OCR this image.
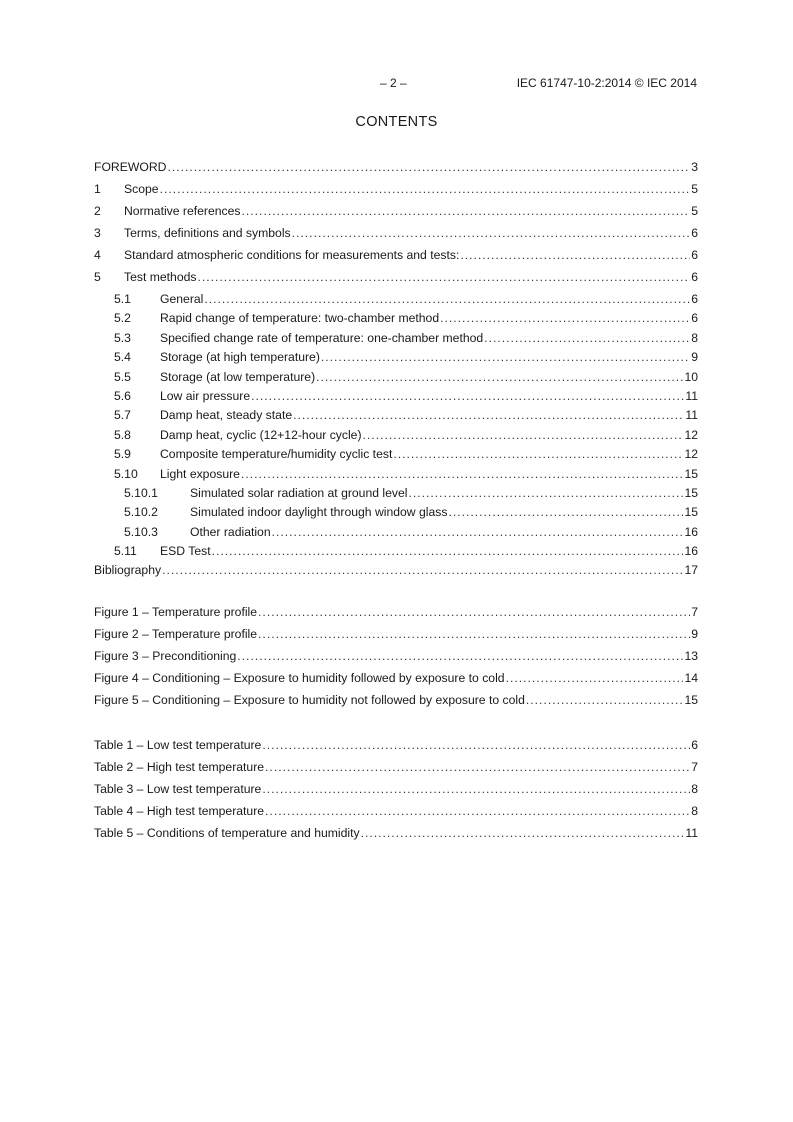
– 2 –	IEC 61747-10-2:2014 © IEC 2014
CONTENTS
FOREWORD .....	3
1	Scope .....	5
2	Normative references .....	5
3	Terms, definitions and symbols .....	6
4	Standard atmospheric conditions for measurements and tests: .....	6
5	Test methods .....	6
5.1	General .....	6
5.2	Rapid change of temperature: two-chamber method .....	6
5.3	Specified change rate of temperature: one-chamber method .....	8
5.4	Storage (at high temperature) .....	9
5.5	Storage (at low temperature) .....	10
5.6	Low air pressure .....	11
5.7	Damp heat, steady state .....	11
5.8	Damp heat, cyclic (12+12-hour cycle) .....	12
5.9	Composite temperature/humidity cyclic test .....	12
5.10	Light exposure .....	15
5.10.1	Simulated solar radiation at ground level .....	15
5.10.2	Simulated indoor daylight through window glass .....	15
5.10.3	Other radiation .....	16
5.11	ESD Test .....	16
Bibliography .....	17
Figure 1 – Temperature profile .....	7
Figure 2 – Temperature profile .....	9
Figure 3 – Preconditioning .....	13
Figure 4 – Conditioning – Exposure to humidity followed by exposure to cold .....	14
Figure 5 – Conditioning – Exposure to humidity not followed by exposure to cold .....	15
Table 1 – Low test temperature .....	6
Table 2 – High test temperature .....	7
Table 3 – Low test temperature .....	8
Table 4 – High test temperature .....	8
Table 5 – Conditions of temperature and humidity .....	11
